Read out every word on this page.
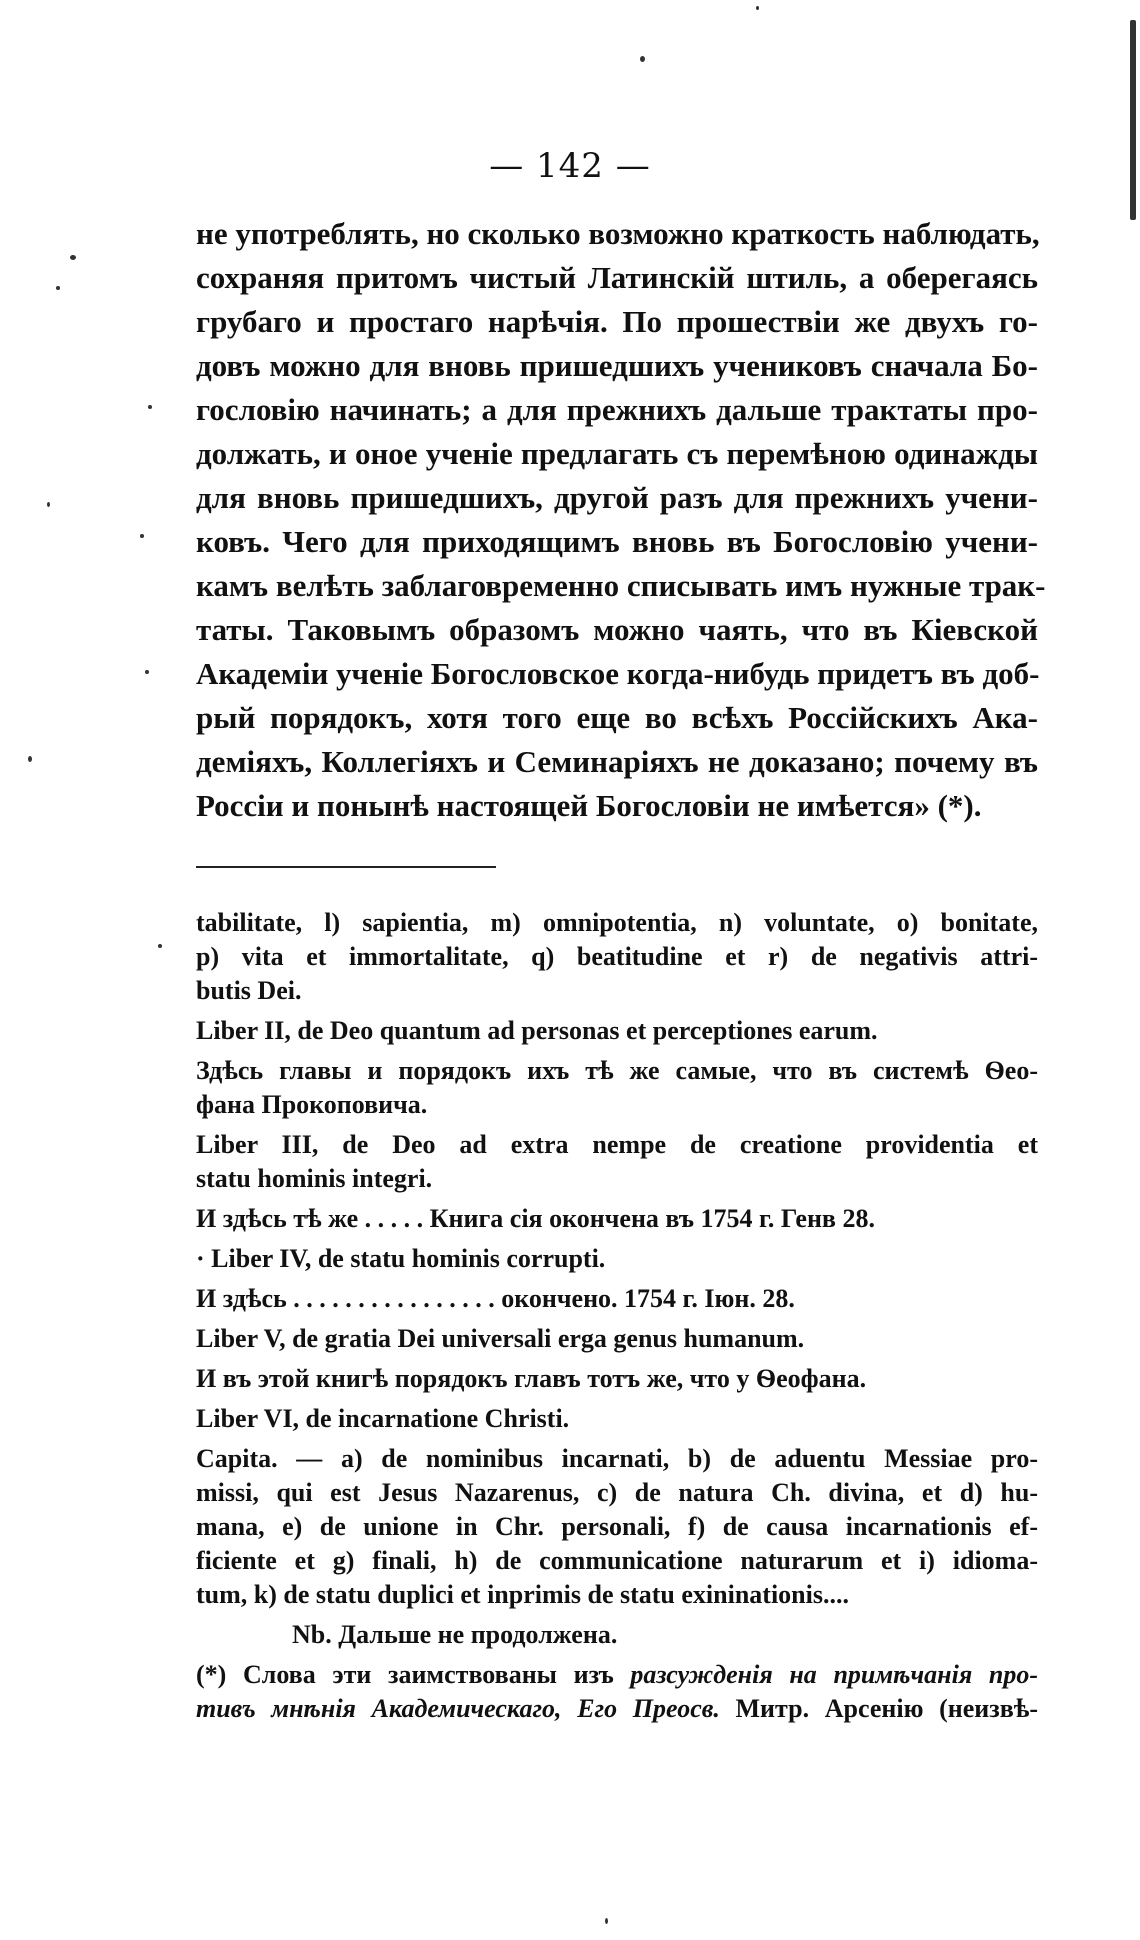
— 142 —
не употреблять, но сколько возможно краткость наблюдать,
сохраняя притомъ чистый Латинскій штиль, а оберегаясь
грубаго и простаго нарѣчія. По прошествіи же двухъ го-
довъ можно для вновь пришедшихъ учениковъ сначала Бо-
гословію начинать; а для прежнихъ дальше трактаты про-
должать, и оное ученіе предлагать съ перемѣною одинажды
для вновь пришедшихъ, другой разъ для прежнихъ учени-
ковъ. Чего для приходящимъ вновь въ Богословію учени-
камъ велѣть заблаговременно списывать имъ нужные трак-
таты. Таковымъ образомъ можно чаять, что въ Кіевской
Академіи ученіе Богословское когда-нибудь придетъ въ доб-
рый порядокъ, хотя того еще во всѣхъ Россійскихъ Ака-
деміяхъ, Коллегіяхъ и Семинаріяхъ не доказано; почему въ
Россіи и понынѣ настоящей Богословіи не имѣется» (*).
tabilitate, l) sapientia, m) omnipotentia, n) voluntate, o) bonitate,
p) vita et immortalitate, q) beatitudine et r) de negativis attri-
butis Dei.
Liber II, de Deo quantum ad personas et perceptiones earum.
Здѣсь главы и порядокъ ихъ тѣ же самые, что въ системѣ Ѳео-
фана Прокоповича.
Liber III, de Deo ad extra nempe de creatione providentia et
statu hominis integri.
И здѣсь тѣ же . . . . . Книга сія окончена въ 1754 г. Генв 28.
· Liber IV, de statu hominis corrupti.
И здѣсь . . . . . . . . . . . . . . . . окончено. 1754 г. Іюн. 28.
Liber V, de gratia Dei universali erga genus humanum.
И въ этой книгѣ порядокъ главъ тотъ же, что у Ѳеофана.
Liber VI, de incarnatione Christi.
Capita. — a) de nominibus incarnati, b) de aduentu Messiae pro-
missi, qui est Jesus Nazarenus, c) de natura Ch. divina, et d) hu-
mana, e) de unione in Chr. personali, f) de causa incarnationis ef-
ficiente et g) finali, h) de communicatione naturarum et i) idioma-
tum, k) de statu duplici et inprimis de statu exininationis....
Nb. Дальше не продолжена.
(*) Слова эти заимствованы изъ разсужденія на примѣчанія про-
тивъ мнѣнія Академическаго, Его Преосв. Митр. Арсенію (неизвѣ-
